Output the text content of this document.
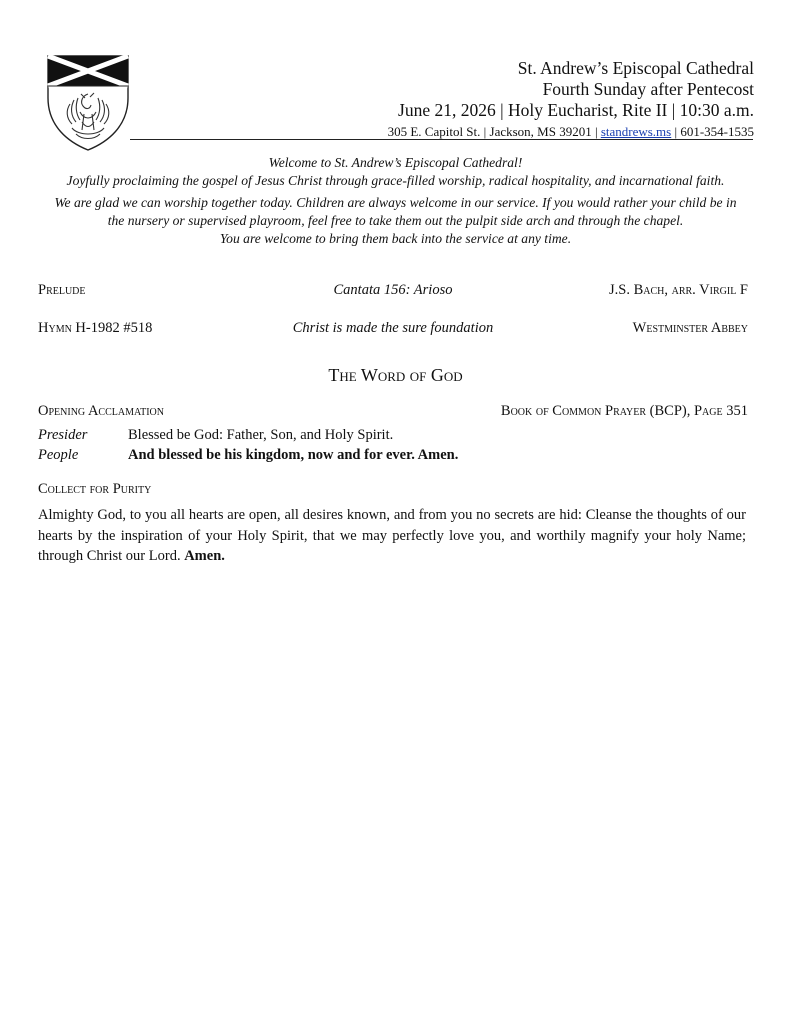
St. Andrew’s Episcopal Cathedral
Fourth Sunday after Pentecost
June 21, 2026 | Holy Eucharist, Rite II | 10:30 a.m.
305 E. Capitol St. | Jackson, MS 39201 | standrews.ms | 601-354-1535
Welcome to St. Andrew’s Episcopal Cathedral!
Joyfully proclaiming the gospel of Jesus Christ through grace-filled worship, radical hospitality, and incarnational faith.
We are glad we can worship together today. Children are always welcome in our service. If you would rather your child be in
the nursery or supervised playroom, feel free to take them out the pulpit side arch and through the chapel.
You are welcome to bring them back into the service at any time.
Prelude	Cantata 156: Arioso	J.S. Bach, arr. Virgil F
Hymn H-1982 #518	Christ is made the sure foundation	Westminster Abbey
The Word of God
Opening Acclamation	Book of Common Prayer (BCP), Page 351
Presider	Blessed be God: Father, Son, and Holy Spirit.
People	And blessed be his kingdom, now and for ever. Amen.
Collect for Purity
Almighty God, to you all hearts are open, all desires known, and from you no secrets are hid: Cleanse the thoughts of our hearts by the inspiration of your Holy Spirit, that we may perfectly love you, and worthily magnify your holy Name; through Christ our Lord. Amen.
